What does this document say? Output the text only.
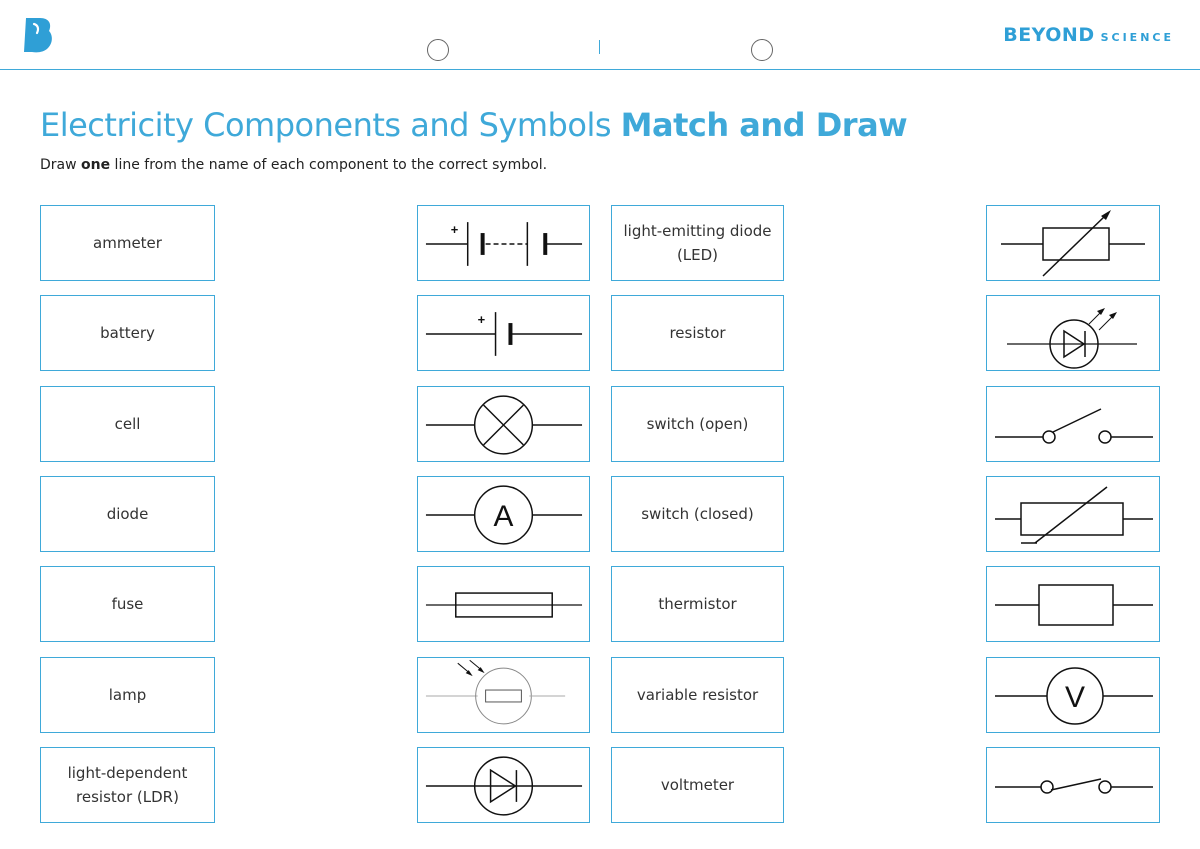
BEYOND SCIENCE
Electricity Components and Symbols Match and Draw
Draw one line from the name of each component to the correct symbol.
ammeter
battery
cell
diode
fuse
lamp
light-dependent
resistor (LDR)
+
+
A
light-emitting diode
(LED)
resistor
switch (open)
switch (closed)
thermistor
variable resistor
voltmeter
V
